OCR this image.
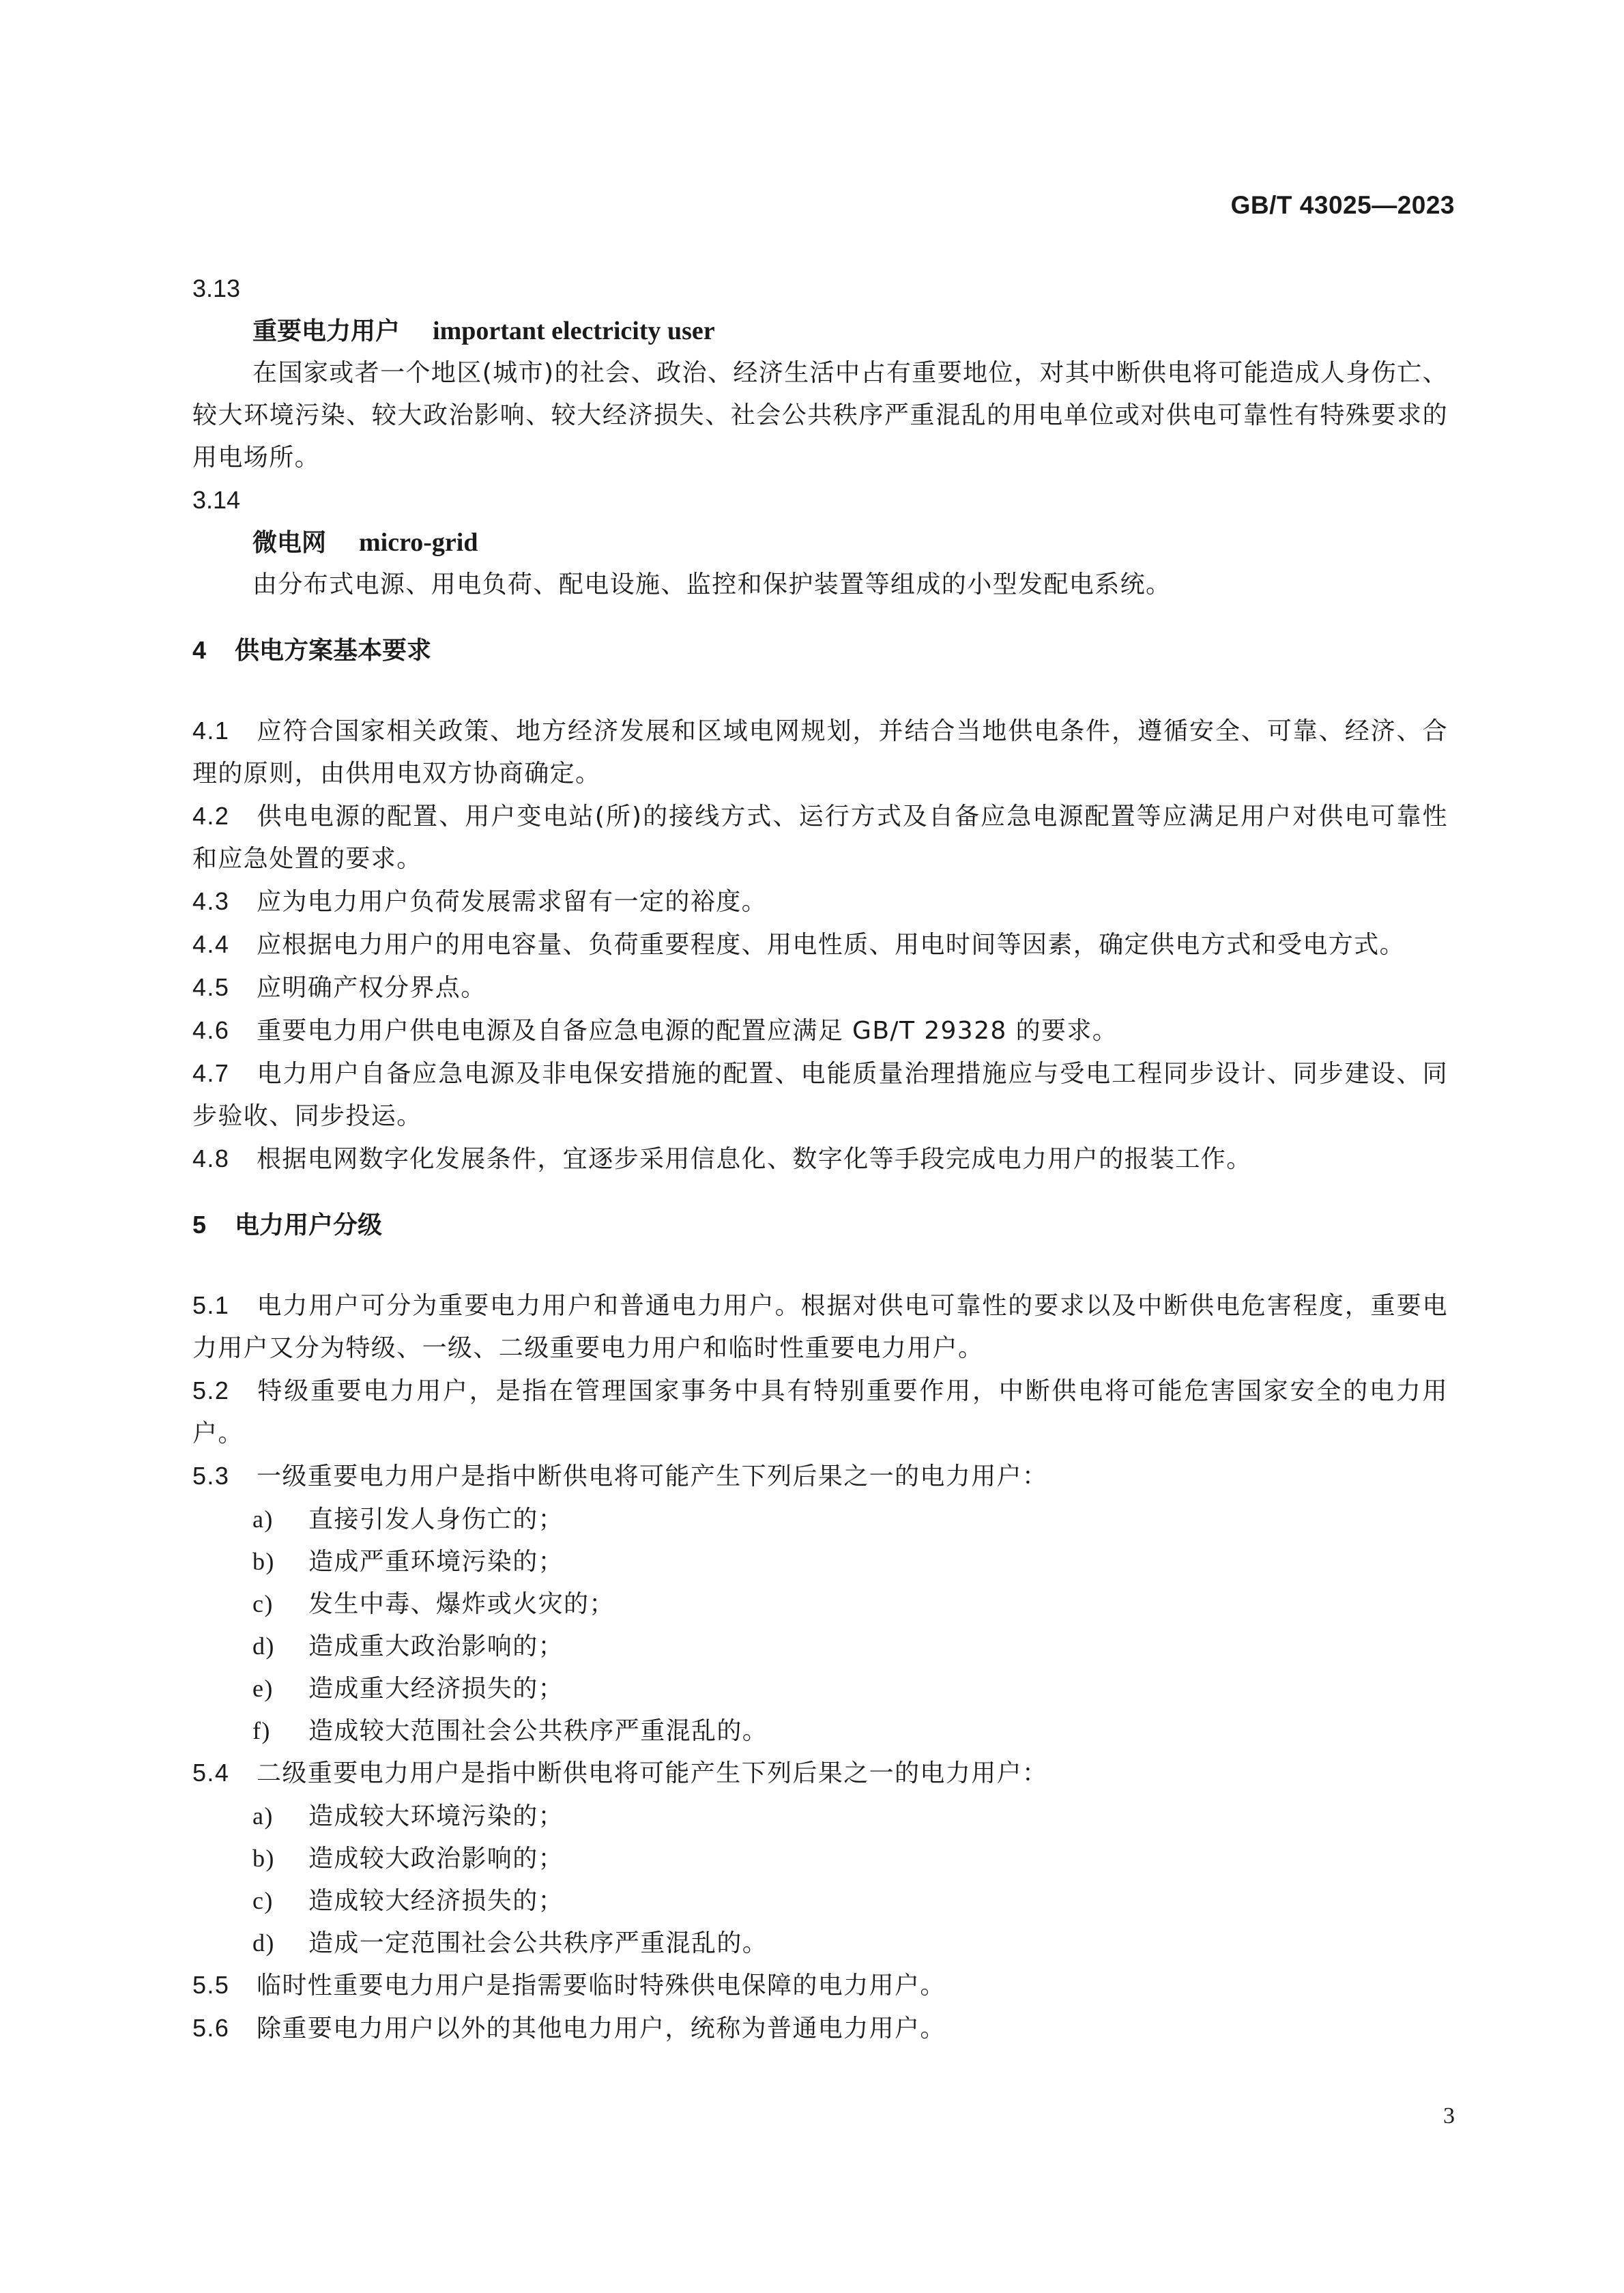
GB/T 43025—2023
3.13
重要电力用户 important electricity user
在国家或者一个地区(城市)的社会、政治、经济生活中占有重要地位，对其中断供电将可能造成人身伤亡、较大环境污染、较大政治影响、较大经济损失、社会公共秩序严重混乱的用电单位或对供电可靠性有特殊要求的用电场所。
3.14
微电网 micro-grid
由分布式电源、用电负荷、配电设施、监控和保护装置等组成的小型发配电系统。
4 供电方案基本要求
4.1 应符合国家相关政策、地方经济发展和区域电网规划，并结合当地供电条件，遵循安全、可靠、经济、合理的原则，由供用电双方协商确定。
4.2 供电电源的配置、用户变电站(所)的接线方式、运行方式及自备应急电源配置等应满足用户对供电可靠性和应急处置的要求。
4.3 应为电力用户负荷发展需求留有一定的裕度。
4.4 应根据电力用户的用电容量、负荷重要程度、用电性质、用电时间等因素，确定供电方式和受电方式。
4.5 应明确产权分界点。
4.6 重要电力用户供电电源及自备应急电源的配置应满足 GB/T 29328 的要求。
4.7 电力用户自备应急电源及非电保安措施的配置、电能质量治理措施应与受电工程同步设计、同步建设、同步验收、同步投运。
4.8 根据电网数字化发展条件，宜逐步采用信息化、数字化等手段完成电力用户的报装工作。
5 电力用户分级
5.1 电力用户可分为重要电力用户和普通电力用户。根据对供电可靠性的要求以及中断供电危害程度，重要电力用户又分为特级、一级、二级重要电力用户和临时性重要电力用户。
5.2 特级重要电力用户，是指在管理国家事务中具有特别重要作用，中断供电将可能危害国家安全的电力用户。
5.3 一级重要电力用户是指中断供电将可能产生下列后果之一的电力用户：
a) 直接引发人身伤亡的；
b) 造成严重环境污染的；
c) 发生中毒、爆炸或火灾的；
d) 造成重大政治影响的；
e) 造成重大经济损失的；
f) 造成较大范围社会公共秩序严重混乱的。
5.4 二级重要电力用户是指中断供电将可能产生下列后果之一的电力用户：
a) 造成较大环境污染的；
b) 造成较大政治影响的；
c) 造成较大经济损失的；
d) 造成一定范围社会公共秩序严重混乱的。
5.5 临时性重要电力用户是指需要临时特殊供电保障的电力用户。
5.6 除重要电力用户以外的其他电力用户，统称为普通电力用户。
3
